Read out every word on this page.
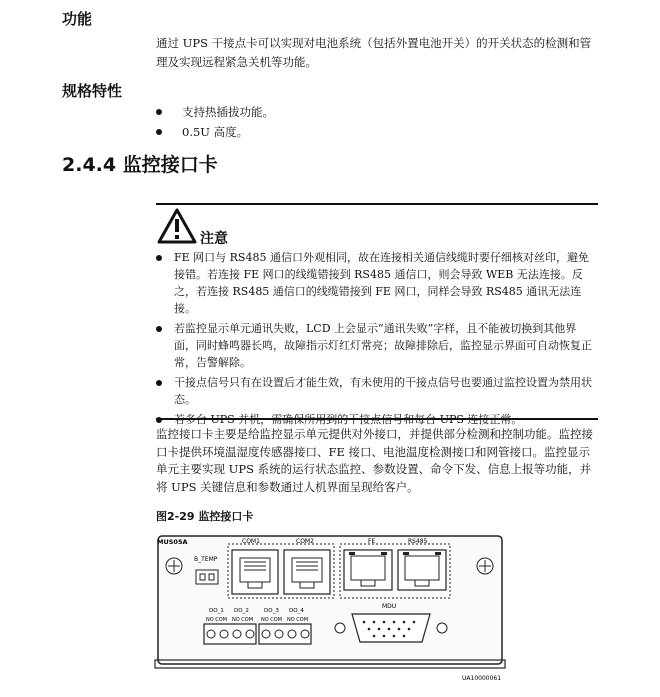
功能
通过 UPS 干接点卡可以实现对电池系统（包括外置电池开关）的开关状态的检测和管理及实现远程紧急关机等功能。
规格特性
支持热插拔功能。
0.5U 高度。
2.4.4 监控接口卡
注意
FE 网口与 RS485 通信口外观相同，故在连接相关通信线缆时要仔细核对丝印，避免接错。若连接 FE 网口的线缆错接到 RS485 通信口，则会导致 WEB 无法连接。反之，若连接 RS485 通信口的线缆错接到 FE 网口，同样会导致 RS485 通讯无法连接。
若监控显示单元通讯失败，LCD 上会显示“通讯失败”字样，且不能被切换到其他界面，同时蜂鸣器长鸣，故障指示灯红灯常亮；故障排除后，监控显示界面可自动恢复正常，告警解除。
干接点信号只有在设置后才能生效，有未使用的干接点信号也要通过监控设置为禁用状态。
若多台 UPS 并机，需确保所用到的干接点信号和每台 UPS 连接正常。
监控接口卡主要是给监控显示单元提供对外接口，并提供部分检测和控制功能。监控接口卡提供环境温湿度传感器接口、FE 接口、电池温度检测接口和网管接口。监控显示单元主要实现 UPS 系统的运行状态监控、参数设置、命令下发、信息上报等功能，并将 UPS 关键信息和参数通过人机界面呈现给客户。
图2-29 监控接口卡
MUS05A
B_TEMP
COM1	COM2	FE	RS485
DO_1 DO_2	DO_3 DO_4
NO COM NO COM NO COM NO COM
MDU
UA10000061
